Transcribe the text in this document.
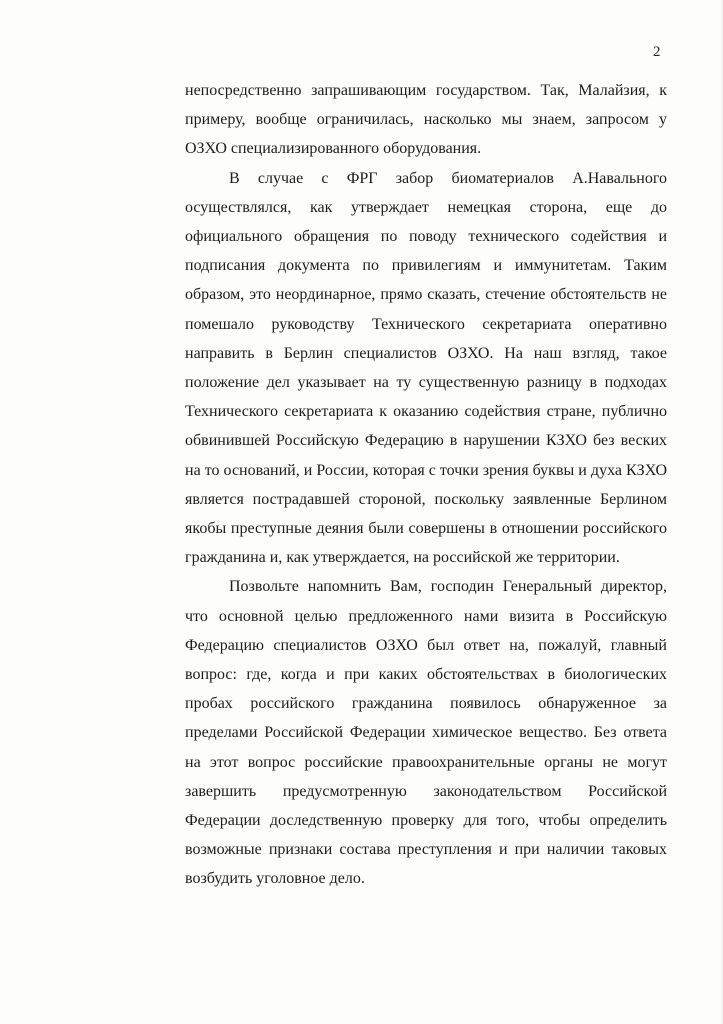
2

непосредственно запрашивающим государством. Так, Малайзия, к примеру, вообще ограничилась, насколько мы знаем, запросом у ОЗХО специализированного оборудования.

В случае с ФРГ забор биоматериалов А.Навального осуществлялся, как утверждает немецкая сторона, еще до официального обращения по поводу технического содействия и подписания документа по привилегиям и иммунитетам. Таким образом, это неординарное, прямо сказать, стечение обстоятельств не помешало руководству Технического секретариата оперативно направить в Берлин специалистов ОЗХО. На наш взгляд, такое положение дел указывает на ту существенную разницу в подходах Технического секретариата к оказанию содействия стране, публично обвинившей Российскую Федерацию в нарушении КЗХО без веских на то оснований, и России, которая с точки зрения буквы и духа КЗХО является пострадавшей стороной, поскольку заявленные Берлином якобы преступные деяния были совершены в отношении российского гражданина и, как утверждается, на российской же территории.

Позвольте напомнить Вам, господин Генеральный директор, что основной целью предложенного нами визита в Российскую Федерацию специалистов ОЗХО был ответ на, пожалуй, главный вопрос: где, когда и при каких обстоятельствах в биологических пробах российского гражданина появилось обнаруженное за пределами Российской Федерации химическое вещество. Без ответа на этот вопрос российские правоохранительные органы не могут завершить предусмотренную законодательством Российской Федерации доследственную проверку для того, чтобы определить возможные признаки состава преступления и при наличии таковых возбудить уголовное дело.
